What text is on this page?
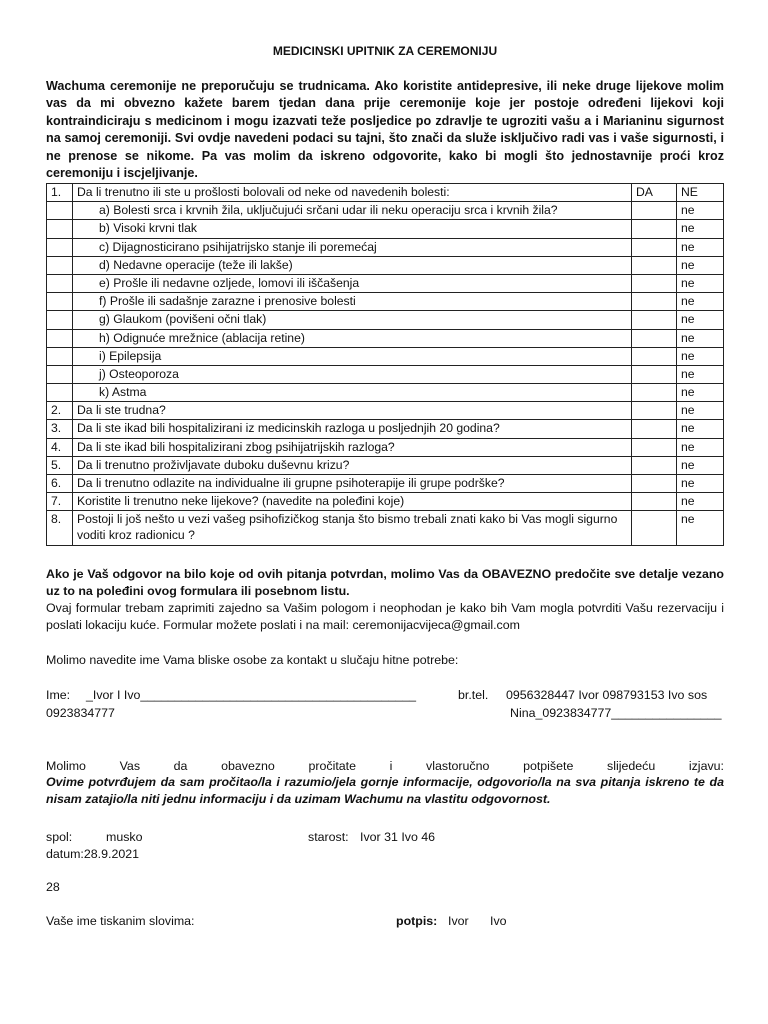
MEDICINSKI UPITNIK ZA CEREMONIJU
Wachuma ceremonije ne preporučuju se trudnicama. Ako koristite antidepresive, ili neke druge lijekove molim vas da mi obvezno kažete barem tjedan dana prije ceremonije koje jer postoje određeni lijekovi koji kontraindiciraju s medicinom i mogu izazvati teže posljedice po zdravlje te ugroziti vašu a i Marianinu sigurnost na samoj ceremoniji. Svi ovdje navedeni podaci su tajni, što znači da služe isključivo radi vas i vaše sigurnosti, i ne prenose se nikome. Pa vas molim da iskreno odgovorite, kako bi mogli što jednostavnije proći kroz ceremoniju i iscjeljivanje.
1.	Da li trenutno ili ste u prošlosti bolovali od neke od navedenih bolesti:	DA	NE
	a) Bolesti srca i krvnih žila, uključujući srčani udar ili neku operaciju srca i krvnih žila?		ne
	b) Visoki krvni tlak		ne
	c) Dijagnosticirano psihijatrijsko stanje ili poremećaj		ne
	d) Nedavne operacije (teže ili lakše)		ne
	e) Prošle ili nedavne ozljede, lomovi ili iščašenja		ne
	f) Prošle ili sadašnje zarazne i prenosive bolesti		ne
	g) Glaukom (povišeni očni tlak)		ne
	h) Odignuće mrežnice (ablacija retine)		ne
	i) Epilepsija		ne
	j) Osteoporoza		ne
	k) Astma		ne
2.	Da li ste trudna?		ne
3.	Da li ste ikad bili hospitalizirani iz medicinskih razloga u posljednjih 20 godina?		ne
4.	Da li ste ikad bili hospitalizirani zbog psihijatrijskih razloga?		ne
5.	Da li trenutno proživljavate duboku duševnu krizu?		ne
6.	Da li trenutno odlazite na individualne ili grupne psihoterapije ili grupe podrške?		ne
7.	Koristite li trenutno neke lijekove? (navedite na poleđini koje)		ne
8.	Postoji li još nešto u vezi vašeg psihofizičkog stanja što bismo trebali znati kako bi Vas mogli sigurno voditi kroz radionicu ?		ne
Ako je Vaš odgovor na bilo koje od ovih pitanja potvrdan, molimo Vas da OBAVEZNO predočite sve detalje vezano uz to na poleđini ovog formulara ili posebnom listu.
Ovaj formular trebam zaprimiti zajedno sa Vašim pologom i neophodan je kako bih Vam mogla potvrditi Vašu rezervaciju i poslati lokaciju kuće. Formular možete poslati i na mail: ceremonijacvijeca@gmail.com
Molimo navedite ime Vama bliske osobe za kontakt u slučaju hitne potrebe:
Ime: _Ivor I Ivo________________________________________
0923834777
br.tel. 0956328447 Ivor 098793153 Ivo sos
Nina_0923834777________________
Molimo Vas da obavezno pročitate i vlastoručno potpišete slijedeću izjavu:
Ovime potvrđujem da sam pročitao/la i razumio/jela gornje informacije, odgovorio/la na sva pitanja iskreno te da nisam zatajio/la niti jednu informaciju i da uzimam Wachumu na vlastitu odgovornost.
spol:	musko	starost: Ivor 31 Ivo 46
datum:28.9.2021
28
Vaše ime tiskanim slovima:	potpis: Ivor Ivo
